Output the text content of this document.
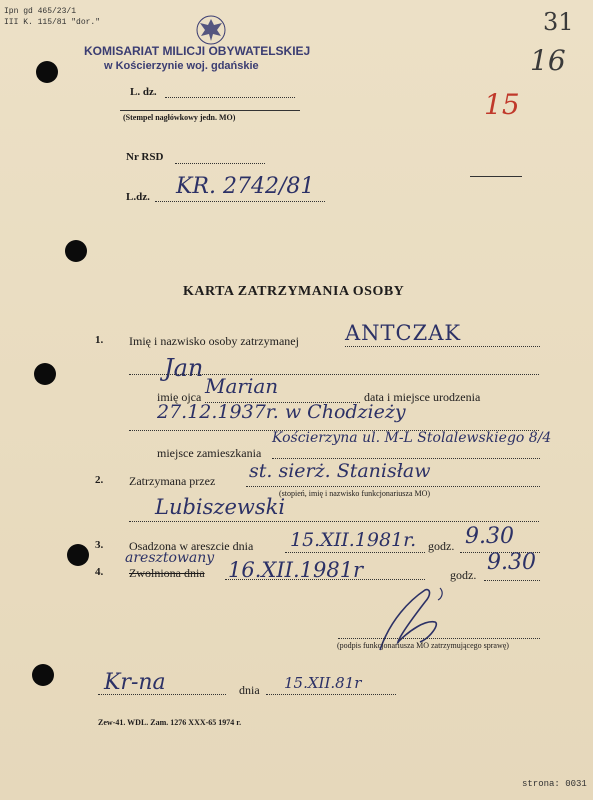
Ipn gd 465/23/1
III K. 115/81 "dor."	31
16
15
KOMISARIAT MILICJI OBYWATELSKIEJ
w Kościerzynie woj. gdańskie
L. dz.
(Stempel nagłówkowy jedn. MO)
Nr RSD
L.dz. KR. 2742/81
KARTA ZATRZYMANIA OSOBY
1. Imię i nazwisko osoby zatrzymanej ANTCZAK
Jan
imię ojca Marian	data i miejsce urodzenia
27.12.1937r. w Chodzieży
miejsce zamieszkania
Kościerzyna ul. M-L Stolalewskiego 8/4
2. Zatrzymana przez st. sierż. Stanisław
(stopień, imię i nazwisko funkcjonariusza MO)
Lubiszewski
3. Osadzona w areszcie dnia 15.XII.1981r. godz. 9.30
aresztowany
4. Zwolniona dnia 16.XII.1981r	godz. 9.30
(podpis funkcjonariusza MO zatrzymującego sprawę)
Kr-na	dnia 15.XII.81r
Zew-41. WDL. Zam. 1276 XXX-65 1974 r.
strona: 0031
